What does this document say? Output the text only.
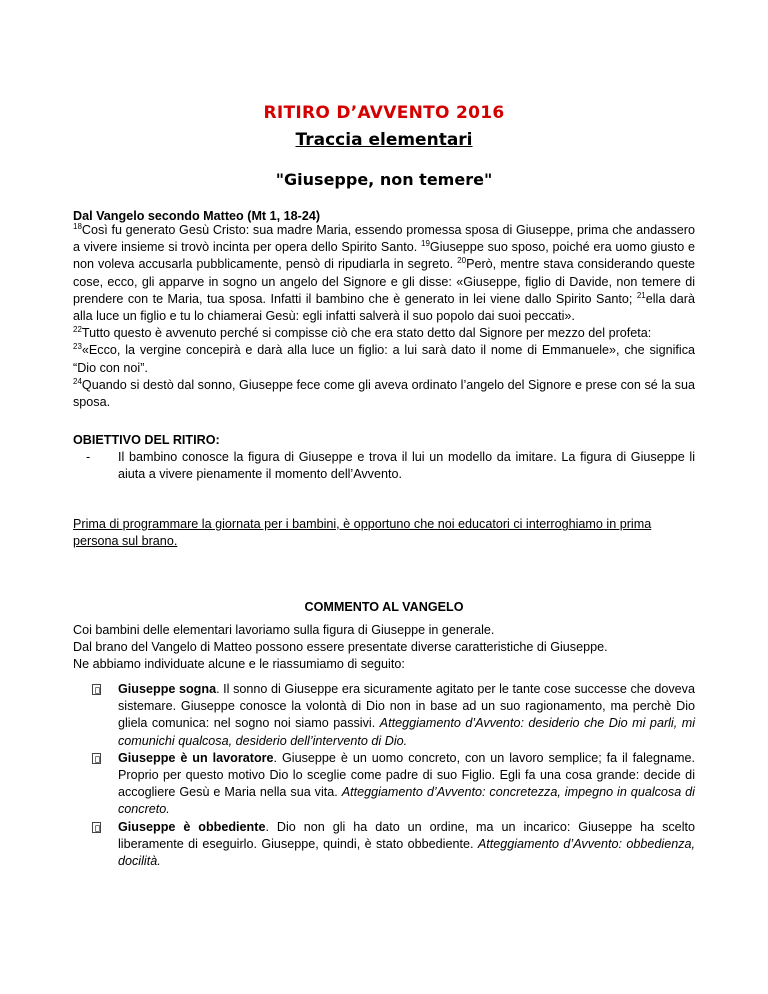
RITIRO D’AVVENTO 2016
Traccia elementari
"Giuseppe, non temere"
Dal Vangelo secondo Matteo (Mt 1, 18-24)
$^{18}$Così fu generato Gesù Cristo: sua madre Maria, essendo promessa sposa di Giuseppe, prima che andassero a vivere insieme si trovò incinta per opera dello Spirito Santo. $^{19}$Giuseppe suo sposo, poiché era uomo giusto e non voleva accusarla pubblicamente, pensò di ripudiarla in segreto. $^{20}$Però, mentre stava considerando queste cose, ecco, gli apparve in sogno un angelo del Signore e gli disse: «Giuseppe, figlio di Davide, non temere di prendere con te Maria, tua sposa. Infatti il bambino che è generato in lei viene dallo Spirito Santo; $^{21}$ella darà alla luce un figlio e tu lo chiamerai Gesù: egli infatti salverà il suo popolo dai suoi peccati».
$^{22}$Tutto questo è avvenuto perché si compisse ciò che era stato detto dal Signore per mezzo del profeta:
$^{23}$«Ecco, la vergine concepirà e darà alla luce un figlio: a lui sarà dato il nome di Emmanuele», che significa “Dio con noi”.
$^{24}$Quando si destò dal sonno, Giuseppe fece come gli aveva ordinato l’angelo del Signore e prese con sé la sua sposa.
OBIETTIVO DEL RITIRO:
- Il bambino conosce la figura di Giuseppe e trova il lui un modello da imitare. La figura di Giuseppe li aiuta a vivere pienamente il momento dell’Avvento.
Prima di programmare la giornata per i bambini, è opportuno che noi educatori ci interroghiamo in prima persona sul brano.
COMMENTO AL VANGELO
Coi bambini delle elementari lavoriamo sulla figura di Giuseppe in generale.
Dal brano del Vangelo di Matteo possono essere presentate diverse caratteristiche di Giuseppe.
Ne abbiamo individuate alcune e le riassumiamo di seguito:
Giuseppe sogna. Il sonno di Giuseppe era sicuramente agitato per le tante cose successe che doveva sistemare. Giuseppe conosce la volontà di Dio non in base ad un suo ragionamento, ma perchè Dio gliela comunica: nel sogno noi siamo passivi. Atteggiamento d’Avvento: desiderio che Dio mi parli, mi comunichi qualcosa, desiderio dell’intervento di Dio.
Giuseppe è un lavoratore. Giuseppe è un uomo concreto, con un lavoro semplice; fa il falegname. Proprio per questo motivo Dio lo sceglie come padre di suo Figlio. Egli fa una cosa grande: decide di accogliere Gesù e Maria nella sua vita. Atteggiamento d’Avvento: concretezza, impegno in qualcosa di concreto.
Giuseppe è obbediente. Dio non gli ha dato un ordine, ma un incarico: Giuseppe ha scelto liberamente di eseguirlo. Giuseppe, quindi, è stato obbediente. Atteggiamento d’Avvento: obbedienza, docilità.
